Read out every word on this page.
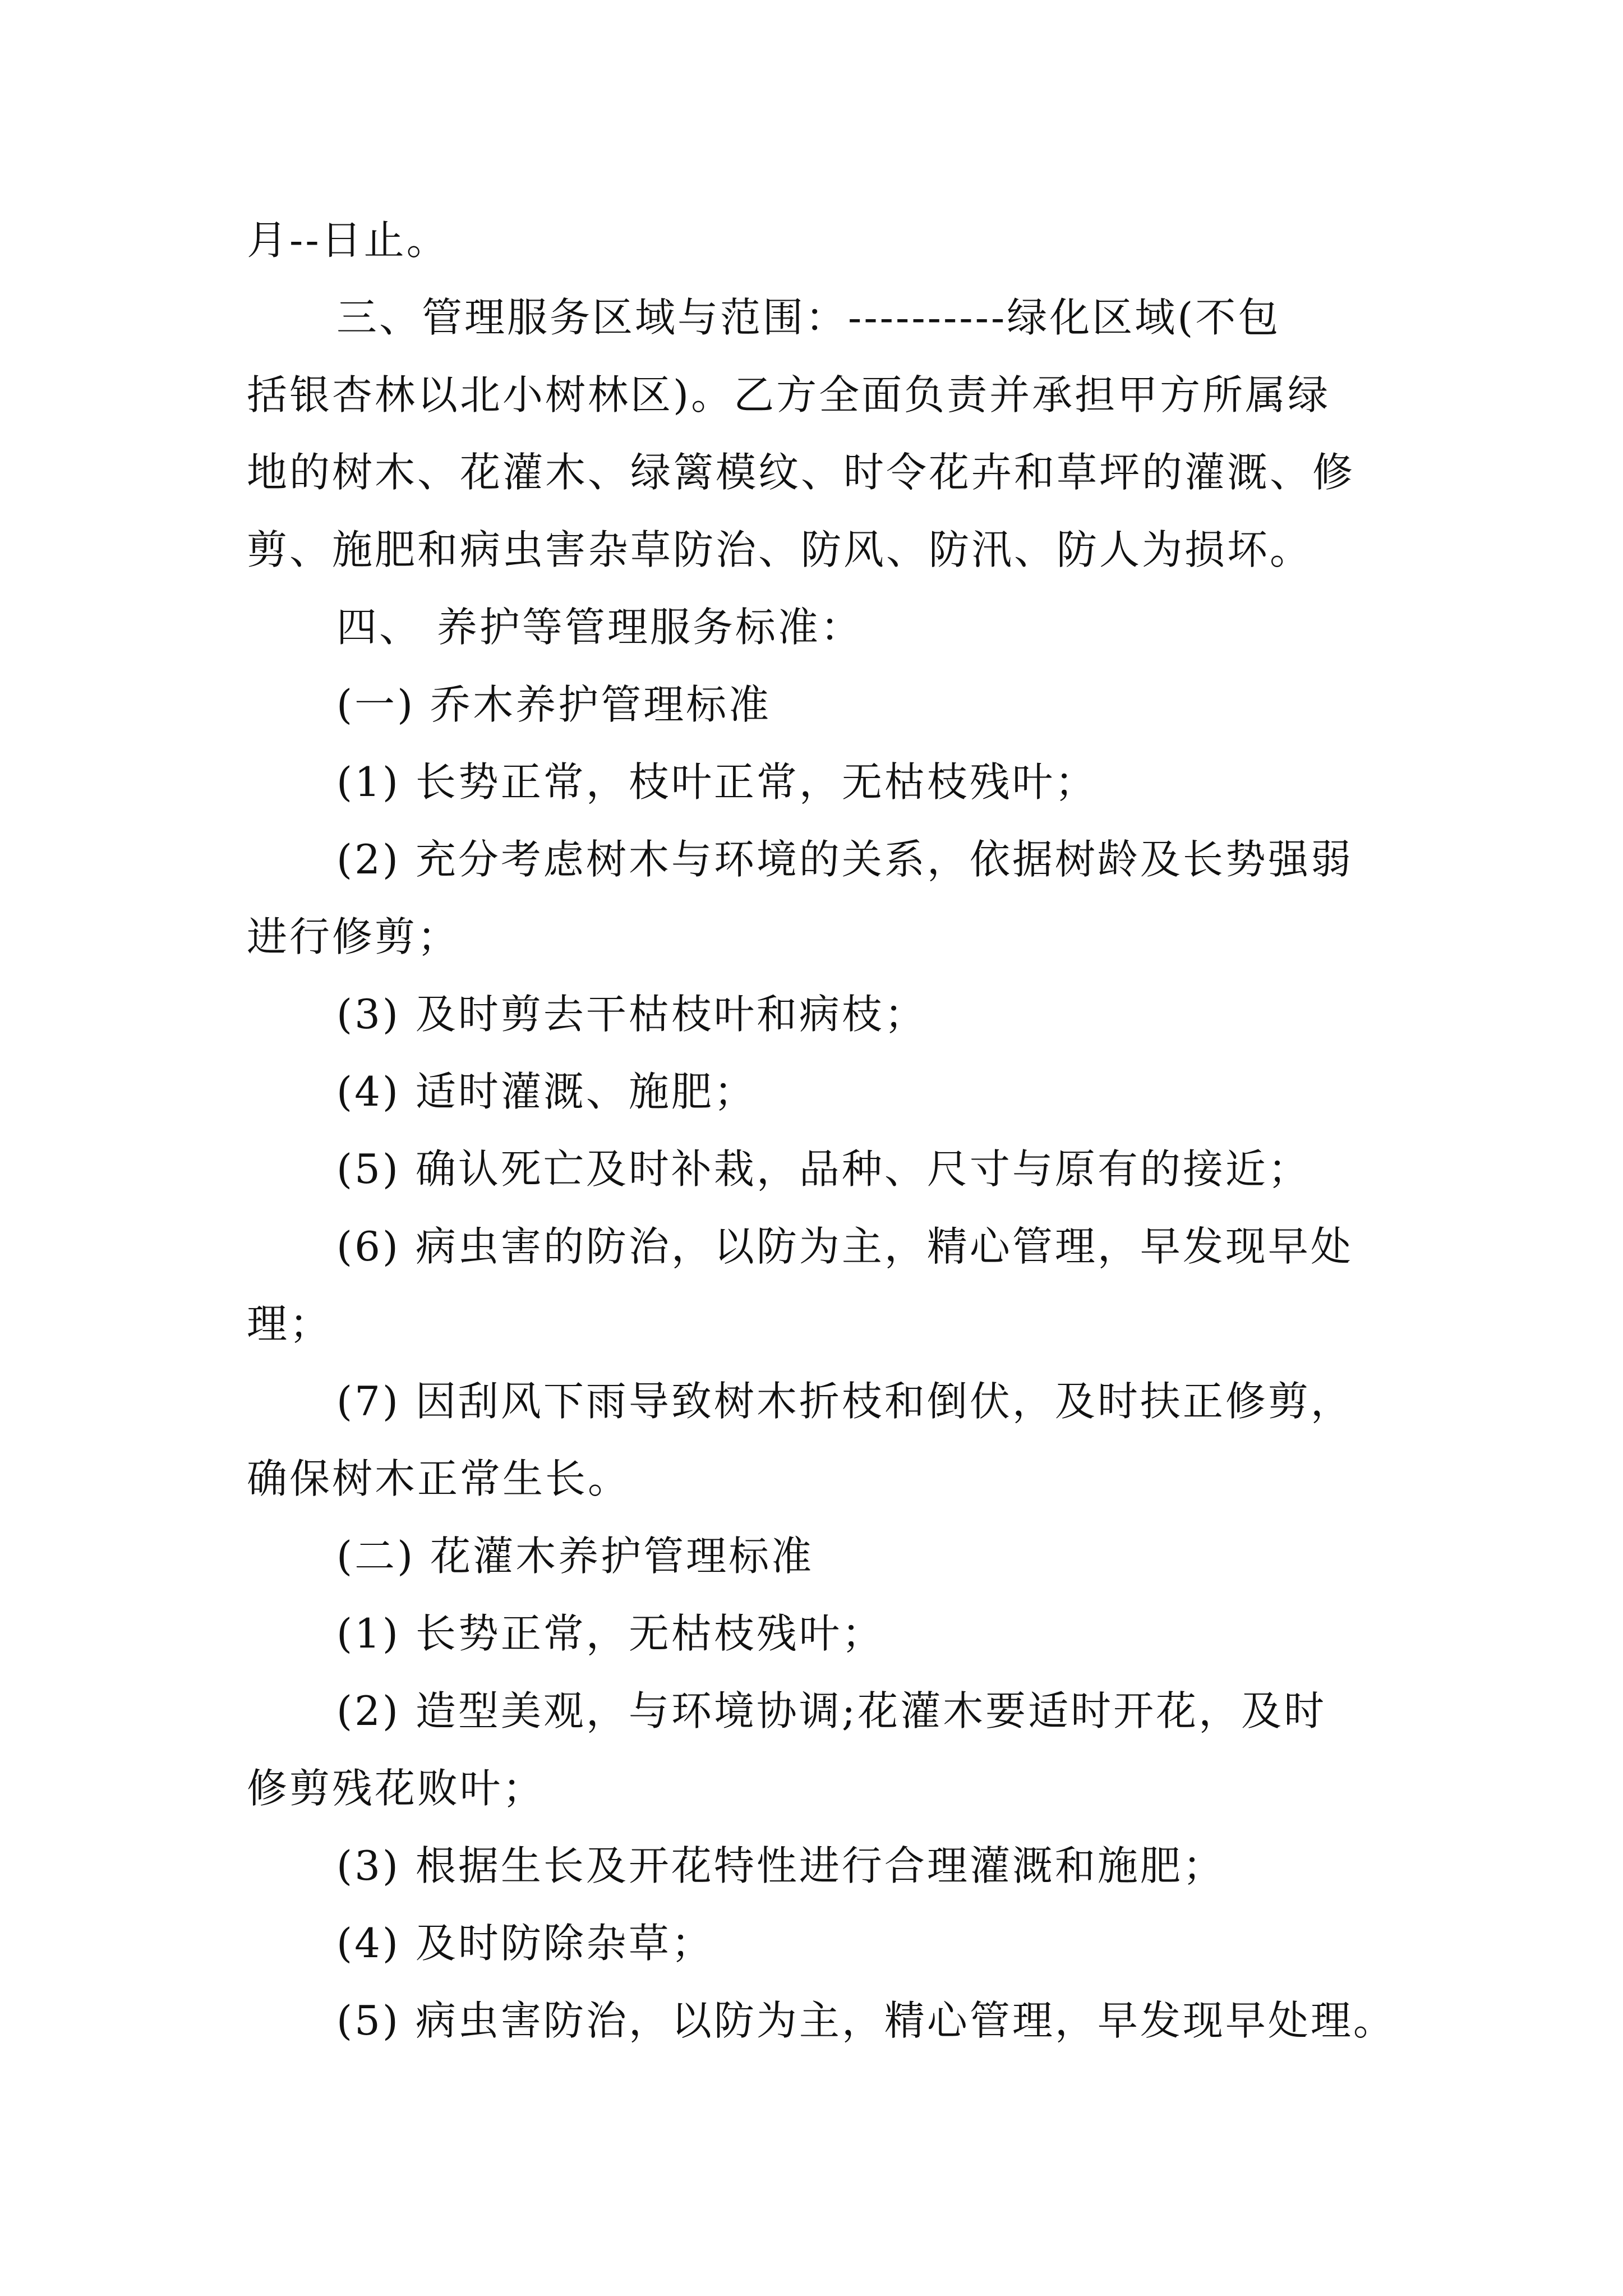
月--日止。
三、管理服务区域与范围：----------绿化区域(不包
括银杏林以北小树林区)。乙方全面负责并承担甲方所属绿
地的树木、花灌木、绿篱模纹、时令花卉和草坪的灌溉、修
剪、施肥和病虫害杂草防治、防风、防汛、防人为损坏。
四、 养护等管理服务标准：
(一) 乔木养护管理标准
(1) 长势正常，枝叶正常，无枯枝残叶；
(2) 充分考虑树木与环境的关系，依据树龄及长势强弱
进行修剪；
(3) 及时剪去干枯枝叶和病枝；
(4) 适时灌溉、施肥；
(5) 确认死亡及时补栽，品种、尺寸与原有的接近；
(6) 病虫害的防治，以防为主，精心管理，早发现早处
理；
(7) 因刮风下雨导致树木折枝和倒伏，及时扶正修剪，
确保树木正常生长。
(二) 花灌木养护管理标准
(1) 长势正常，无枯枝残叶；
(2) 造型美观，与环境协调;花灌木要适时开花，及时
修剪残花败叶；
(3) 根据生长及开花特性进行合理灌溉和施肥；
(4) 及时防除杂草；
(5) 病虫害防治，以防为主，精心管理，早发现早处理。
